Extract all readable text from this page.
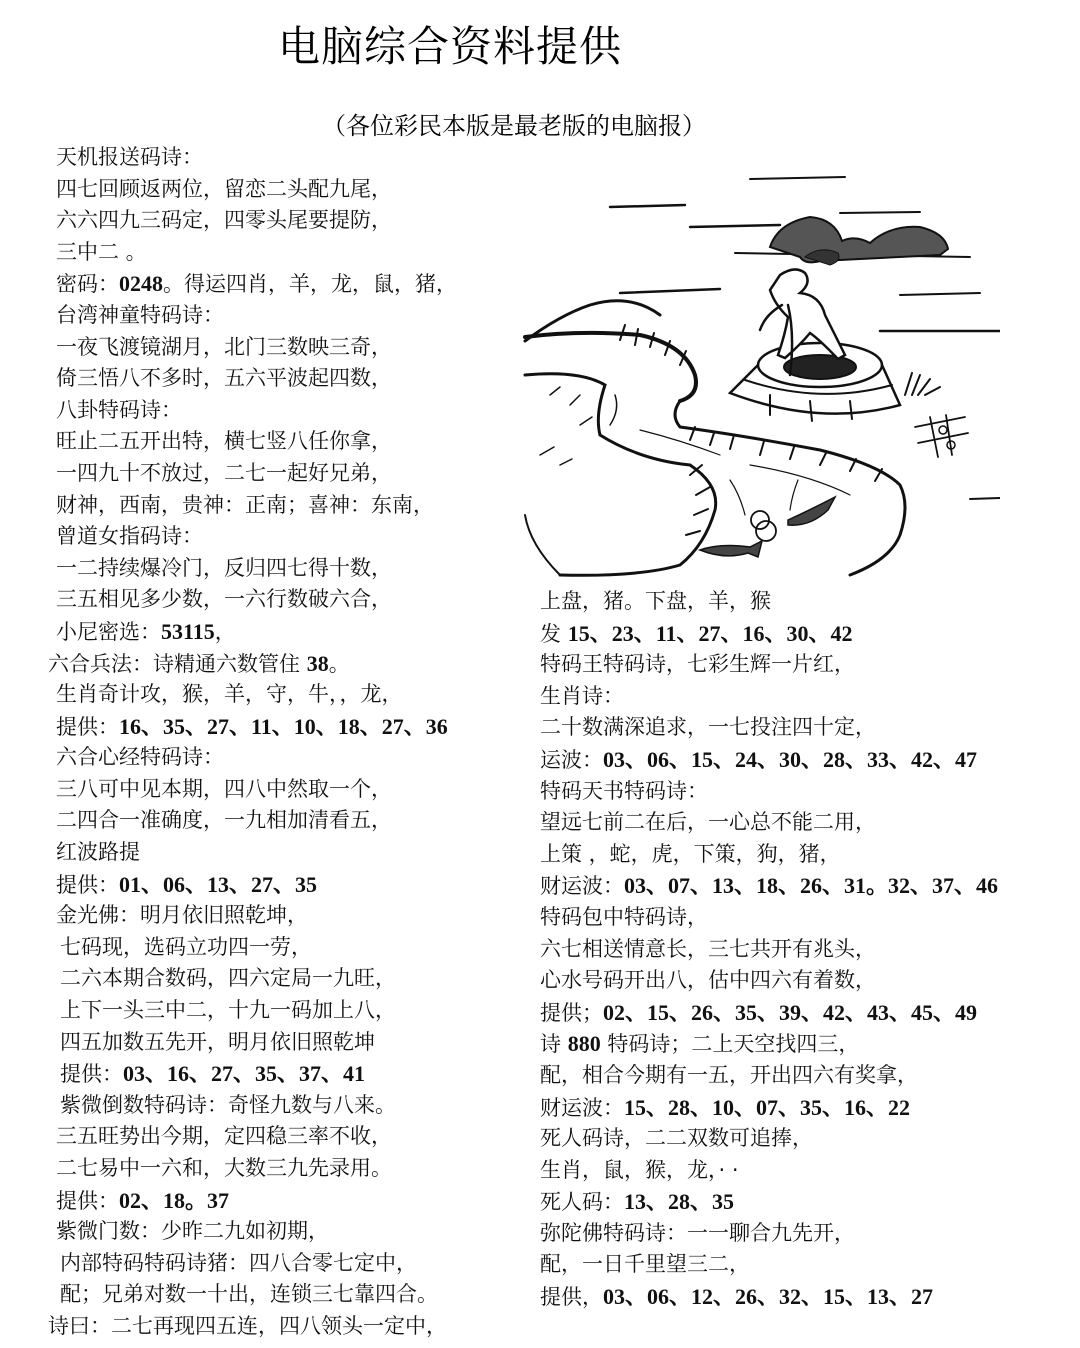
电脑综合资料提供
（各位彩民本版是最老版的电脑报）
天机报送码诗：
四七回顾返两位，留恋二头配九尾，
六六四九三码定，四零头尾要提防，
三中二 。
密码：0248。得运四肖，羊，龙，鼠，猪，
台湾神童特码诗：
一夜飞渡镜湖月，北门三数映三奇，
倚三悟八不多时，五六平波起四数，
八卦特码诗：
旺止二五开出特，横七竖八任你拿，
一四九十不放过，二七一起好兄弟，
财神，西南，贵神：正南；喜神：东南，
曾道女指码诗：
一二持续爆冷门，反归四七得十数，
三五相见多少数，一六行数破六合，
小尼密选：53115，
六合兵法：诗精通六数管住 38。
生肖奇计攻，猴，羊，守，牛，，龙，
提供：16、35、27、11、10、18、27、36
六合心经特码诗：
三八可中见本期，四八中然取一个，
二四合一准确度，一九相加清看五，
红波路提
提供：01、06、13、27、35
金光佛：明月依旧照乾坤，
七码现，选码立功四一劳，
二六本期合数码，四六定局一九旺，
上下一头三中二，十九一码加上八，
四五加数五先开，明月依旧照乾坤
提供：03、16、27、35、37、41
紫微倒数特码诗：奇怪九数与八来。
三五旺势出今期，定四稳三率不收，
二七易中一六和，大数三九先录用。
提供：02、18。37
紫微门数：少昨二九如初期，
内部特码特码诗猪：四八合零七定中，
配；兄弟对数一十出，连锁三七靠四合。
诗曰：二七再现四五连，四八领头一定中，
上盘，猪。下盘，羊，猴
发 15、23、11、27、16、30、42
特码王特码诗，七彩生辉一片红，
生肖诗：
二十数满深追求，一七投注四十定，
运波：03、06、15、24、30、28、33、42、47
特码天书特码诗：
望远七前二在后，一心总不能二用，
上策 ，蛇，虎，下策，狗，猪，
财运波：03、07、13、18、26、31。32、37、46
特码包中特码诗，
六七相送情意长，三七共开有兆头，
心水号码开出八，估中四六有着数，
提供；02、15、26、35、39、42、43、45、49
诗 880 特码诗；二上天空找四三，
配，相合今期有一五，开出四六有奖拿，
财运波：15、28、10、07、35、16、22
死人码诗，二二双数可追捧，
生肖，鼠，猴，龙，· ·
死人码：13、28、35
弥陀佛特码诗：一一聊合九先开，
配，一日千里望三二，
提供，03、06、12、26、32、15、13、27
